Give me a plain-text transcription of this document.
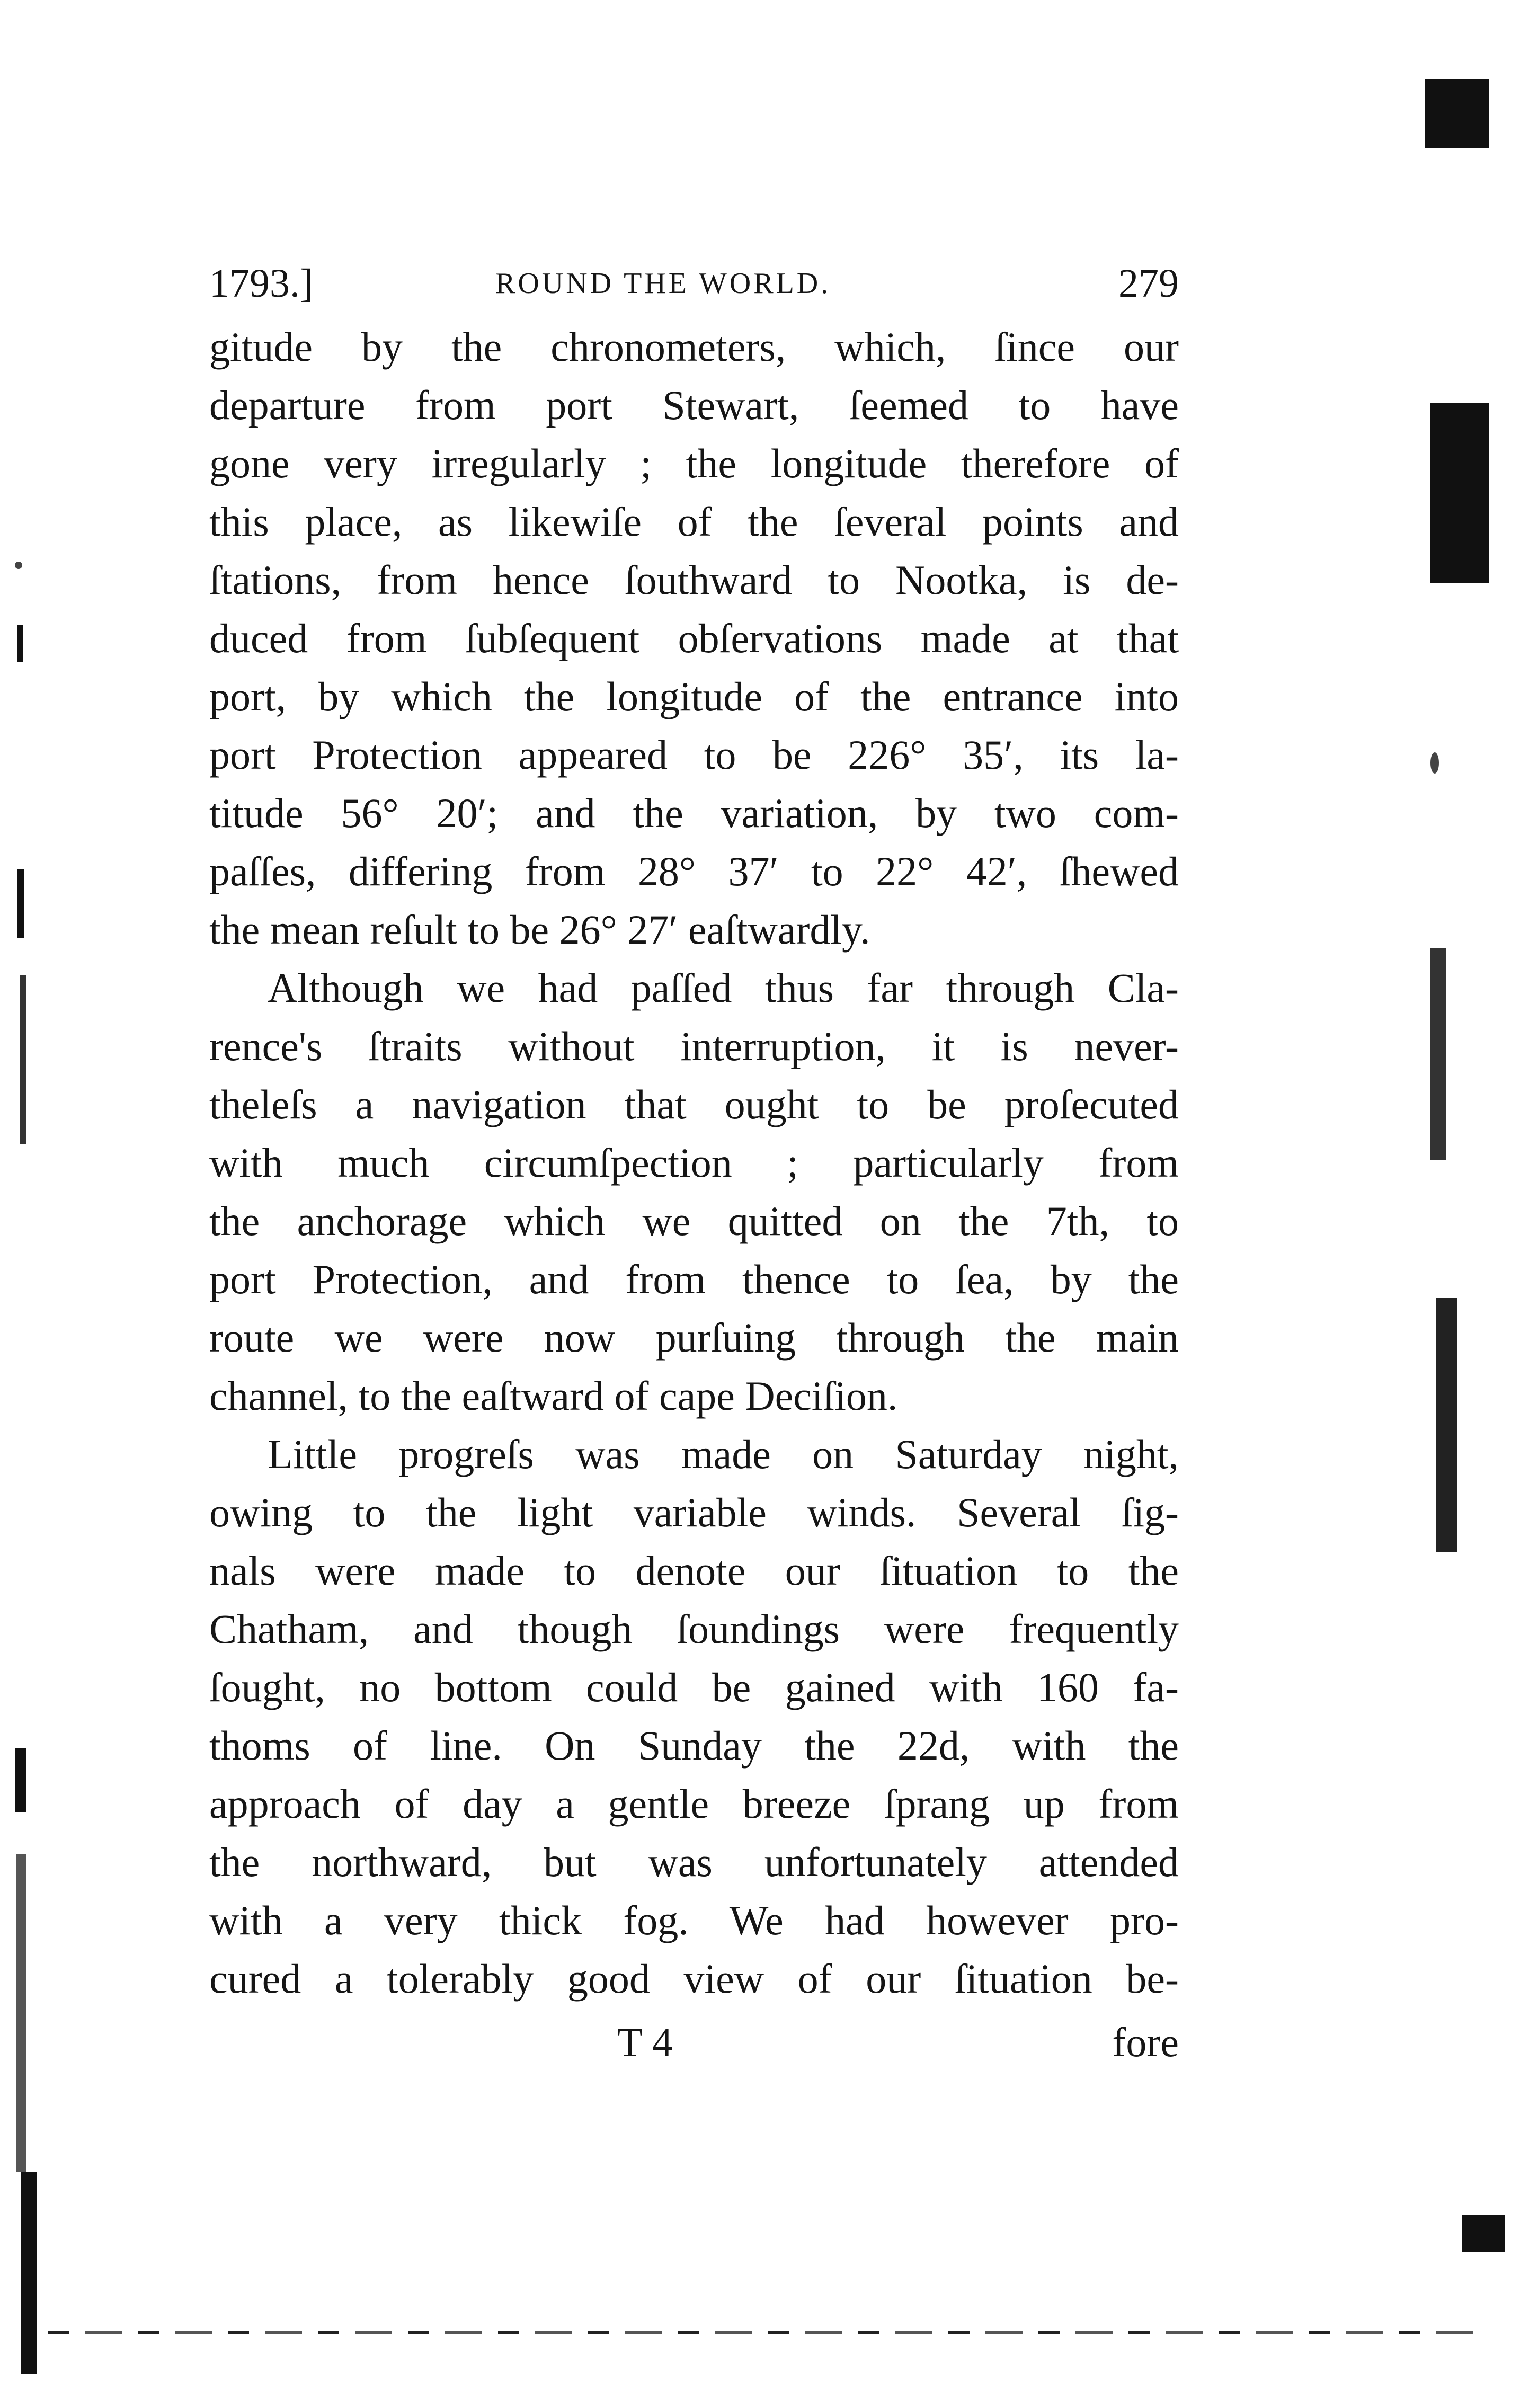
1793.]	ROUND THE WORLD.	279
gitude by the chronometers, which, ſince our
departure from port Stewart, ſeemed to have
gone very irregularly ; the longitude therefore of
this place, as likewiſe of the ſeveral points and
ſtations, from hence ſouthward to Nootka, is de-
duced from ſubſequent obſervations made at that
port, by which the longitude of the entrance into
port Protection appeared to be 226° 35′, its la-
titude 56° 20′; and the variation, by two com-
paſſes, differing from 28° 37′ to 22° 42′, ſhewed
the mean reſult to be 26° 27′ eaſtwardly.
Although we had paſſed thus far through Cla-
rence's ſtraits without interruption, it is never-
theleſs a navigation that ought to be proſecuted
with much circumſpection ; particularly from
the anchorage which we quitted on the 7th, to
port Protection, and from thence to ſea, by the
route we were now purſuing through the main
channel, to the eaſtward of cape Deciſion.
Little progreſs was made on Saturday night,
owing to the light variable winds. Several ſig-
nals were made to denote our ſituation to the
Chatham, and though ſoundings were frequently
ſought, no bottom could be gained with 160 fa-
thoms of line. On Sunday the 22d, with the
approach of day a gentle breeze ſprang up from
the northward, but was unfortunately attended
with a very thick fog. We had however pro-
cured a tolerably good view of our ſituation be-
T 4	fore
